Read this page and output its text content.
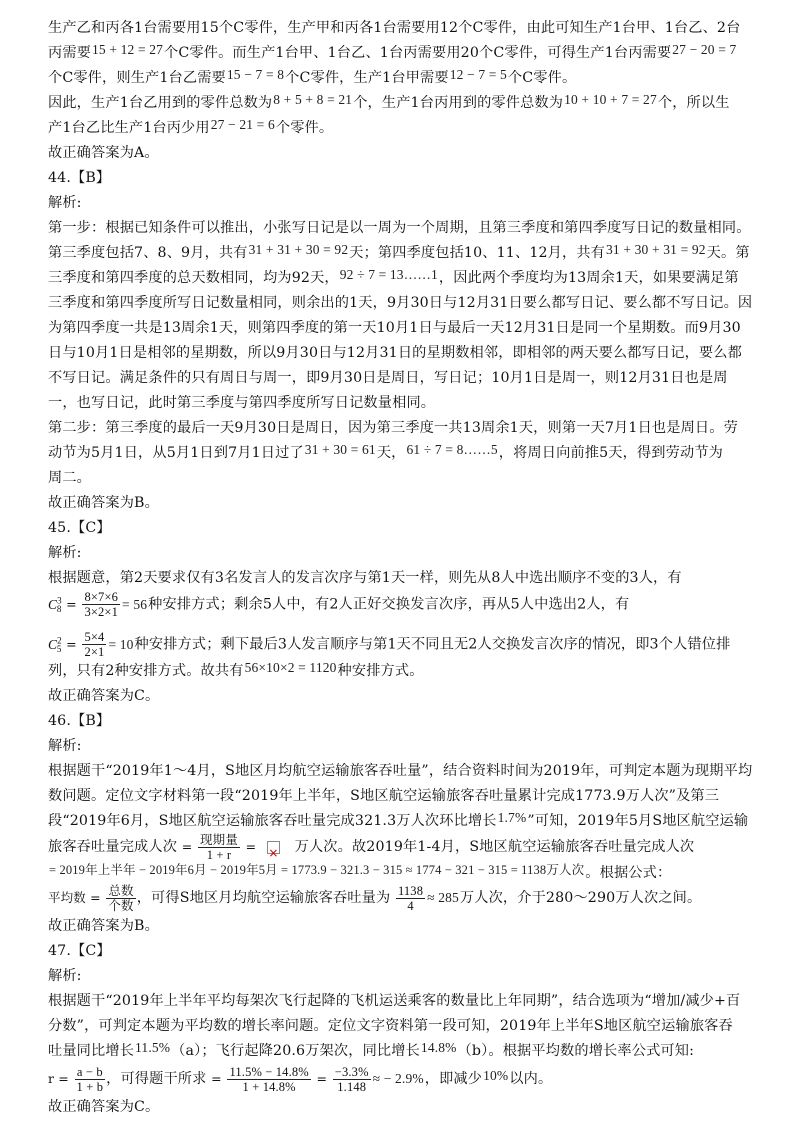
生产乙和丙各1台需要用15个C零件，生产甲和丙各1台需要用12个C零件，由此可知生产1台甲、1台乙、2台
丙需要15 + 12 = 27个C零件。而生产1台甲、1台乙、1台丙需要用20个C零件，可得生产1台丙需要27 − 20 = 7
个C零件，则生产1台乙需要15 − 7 = 8个C零件，生产1台甲需要12 − 7 = 5个C零件。
因此，生产1台乙用到的零件总数为8 + 5 + 8 = 21个，生产1台丙用到的零件总数为10 + 10 + 7 = 27个，所以生
产1台乙比生产1台丙少用27 − 21 = 6个零件。
故正确答案为A。
44.【B】
解析:
第一步：根据已知条件可以推出，小张写日记是以一周为一个周期，且第三季度和第四季度写日记的数量相同。
第三季度包括7、8、9月，共有31 + 31 + 30 = 92天；第四季度包括10、11、12月，共有31 + 30 + 31 = 92天。第
三季度和第四季度的总天数相同，均为92天，92 ÷ 7 = 13……1，因此两个季度均为13周余1天，如果要满足第
三季度和第四季度所写日记数量相同，则余出的1天，9月30日与12月31日要么都写日记、要么都不写日记。因
为第四季度一共是13周余1天，则第四季度的第一天10月1日与最后一天12月31日是同一个星期数。而9月30
日与10月1日是相邻的星期数，所以9月30日与12月31日的星期数相邻，即相邻的两天要么都写日记，要么都
不写日记。满足条件的只有周日与周一，即9月30日是周日，写日记；10月1日是周一，则12月31日也是周
一，也写日记，此时第三季度与第四季度所写日记数量相同。
第二步：第三季度的最后一天9月30日是周日，因为第三季度一共13周余1天，则第一天7月1日也是周日。劳
动节为5月1日，从5月1日到7月1日过了31 + 30 = 61天，61 ÷ 7 = 8……5，将周日向前推5天，得到劳动节为
周二。
故正确答案为B。
45.【C】
解析:
根据题意，第2天要求仅有3名发言人的发言次序与第1天一样，则先从8人中选出顺序不变的3人，有
$C^3_8 = \frac{8\times 7\times 6}{3\times 2\times 1} = 56$种安排方式；剩余5人中，有2人正好交换发言次序，再从5人中选出2人，有
$C^2_5 = \frac{5\times 4}{2\times 1} = 10$种安排方式；剩下最后3人发言顺序与第1天不同且无2人交换发言次序的情况，即3个人错位排
列，只有2种安排方式。故共有56×10×2 = 1120种安排方式。
故正确答案为C。
46.【B】
解析:
根据题干“2019年1～4月，S地区月均航空运输旅客吞吐量”，结合资料时间为2019年，可判定本题为现期平均
数问题。定位文字材料第一段“2019年上半年，S地区航空运输旅客吞吐量累计完成1773.9万人次”及第三
段“2019年6月，S地区航空运输旅客吞吐量完成321.3万人次环比增长1.7%”可知，2019年5月S地区航空运输
旅客吞吐量完成人次 = $\frac{\text{现期量}}{1 + r}$ = × 万人次。故2019年1-4月，S地区航空运输旅客吞吐量完成人次
= 2019年上半年 − 2019年6月 − 2019年5月 = 1773.9 − 321.3 − 315 ≈ 1774 − 321 − 315 = 1138万人次。根据公式：
平均数 = $\frac{\text{总数}}{\text{个数}}$ ，可得S地区月均航空运输旅客吞吐量为 $\frac{1138}{4} \approx 285$万人次，介于280～290万人次之间。
故正确答案为B。
47.【C】
解析:
根据题干“2019年上半年平均每架次飞行起降的飞机运送乘客的数量比上年同期”，结合选项为“增加/减少+百
分数”，可判定本题为平均数的增长率问题。定位文字资料第一段可知，2019年上半年S地区航空运输旅客吞
吐量同比增长11.5%（a）；飞行起降20.6万架次，同比增长14.8%（b）。根据平均数的增长率公式可知:
$r = \frac{a - b}{1 + b}$ ，可得题干所求 = $\frac{11.5\% - 14.8\%}{1 + 14.8\%} = \frac{-3.3\%}{1.148}$ ≈ − 2.9%，即减少10%以内。
故正确答案为C。
